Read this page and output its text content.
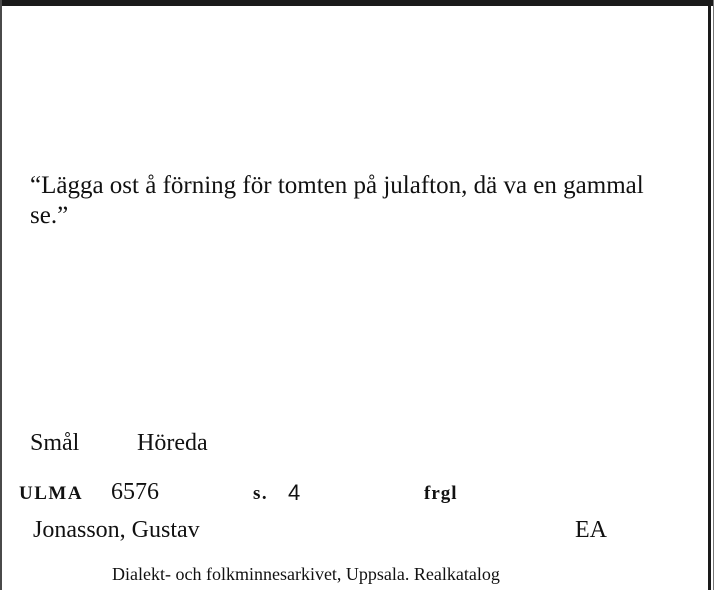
“Lägga ost å förning för tomten på julafton, dä va en gammal se.”

Smål Höreda
ULMA 6576	s. 4	frgl
Jonasson, Gustav	EA
Dialekt- och folkminnesarkivet, Uppsala. Realkatalog
